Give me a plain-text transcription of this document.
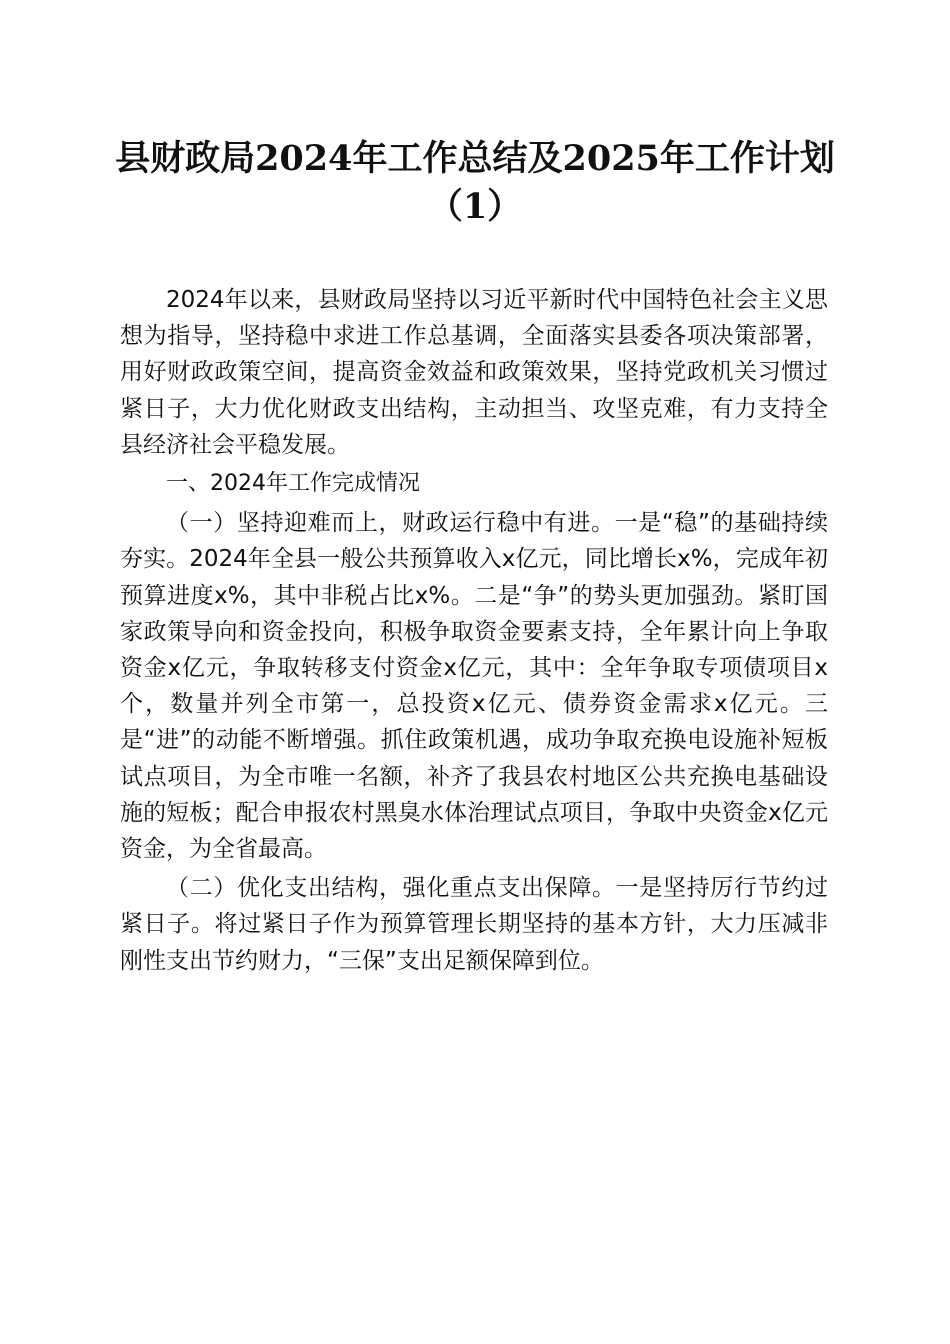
县财政局2024年工作总结及2025年工作计划
（1）

2024年以来，县财政局坚持以习近平新时代中国特色社会主义思想为指导，坚持稳中求进工作总基调，全面落实县委各项决策部署，用好财政政策空间，提高资金效益和政策效果，坚持党政机关习惯过紧日子，大力优化财政支出结构，主动担当、攻坚克难，有力支持全县经济社会平稳发展。

一、2024年工作完成情况

（一）坚持迎难而上，财政运行稳中有进。一是“稳”的基础持续夯实。2024年全县一般公共预算收入x亿元，同比增长x%，完成年初预算进度x%，其中非税占比x%。二是“争”的势头更加强劲。紧盯国家政策导向和资金投向，积极争取资金要素支持，全年累计向上争取资金x亿元，争取转移支付资金x亿元，其中：全年争取专项债项目x个，数量并列全市第一，总投资x亿元、债券资金需求x亿元。三是“进”的动能不断增强。抓住政策机遇，成功争取充换电设施补短板试点项目，为全市唯一名额，补齐了我县农村地区公共充换电基础设施的短板；配合申报农村黑臭水体治理试点项目，争取中央资金x亿元资金，为全省最高。

（二）优化支出结构，强化重点支出保障。一是坚持厉行节约过紧日子。将过紧日子作为预算管理长期坚持的基本方针，大力压减非刚性支出节约财力，“三保”支出足额保障到位。
